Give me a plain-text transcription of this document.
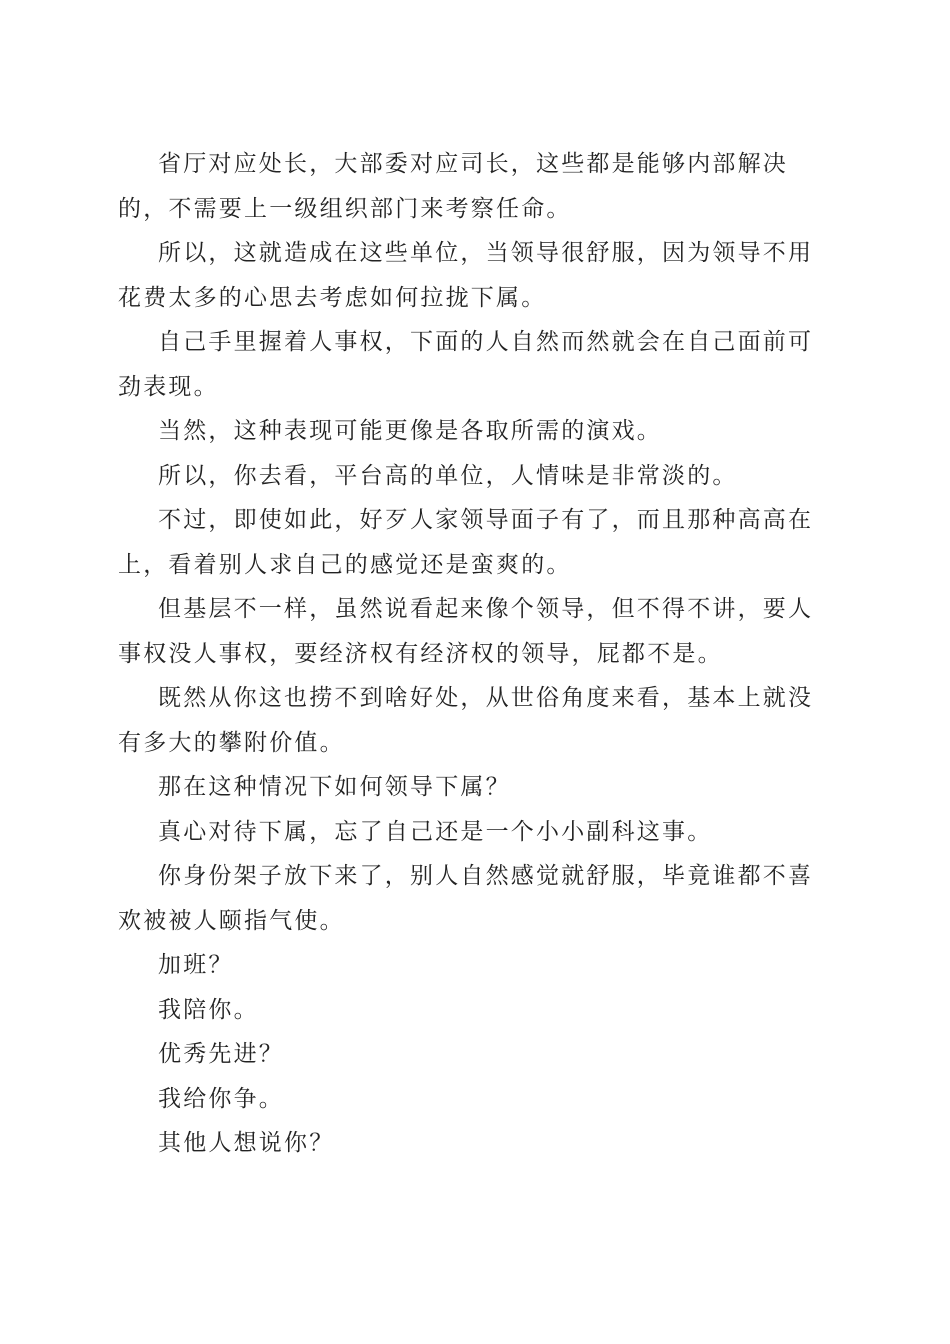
省厅对应处长，大部委对应司长，这些都是能够内部解决的，不需要上一级组织部门来考察任命。

所以，这就造成在这些单位，当领导很舒服，因为领导不用花费太多的心思去考虑如何拉拢下属。

自己手里握着人事权，下面的人自然而然就会在自己面前可劲表现。

当然，这种表现可能更像是各取所需的演戏。

所以，你去看，平台高的单位，人情味是非常淡的。

不过，即使如此，好歹人家领导面子有了，而且那种高高在上，看着别人求自己的感觉还是蛮爽的。

但基层不一样，虽然说看起来像个领导，但不得不讲，要人事权没人事权，要经济权有经济权的领导，屁都不是。

既然从你这也捞不到啥好处，从世俗角度来看，基本上就没有多大的攀附价值。

那在这种情况下如何领导下属？

真心对待下属，忘了自己还是一个小小副科这事。

你身份架子放下来了，别人自然感觉就舒服，毕竟谁都不喜欢被被人颐指气使。

加班？

我陪你。

优秀先进？

我给你争。

其他人想说你？
